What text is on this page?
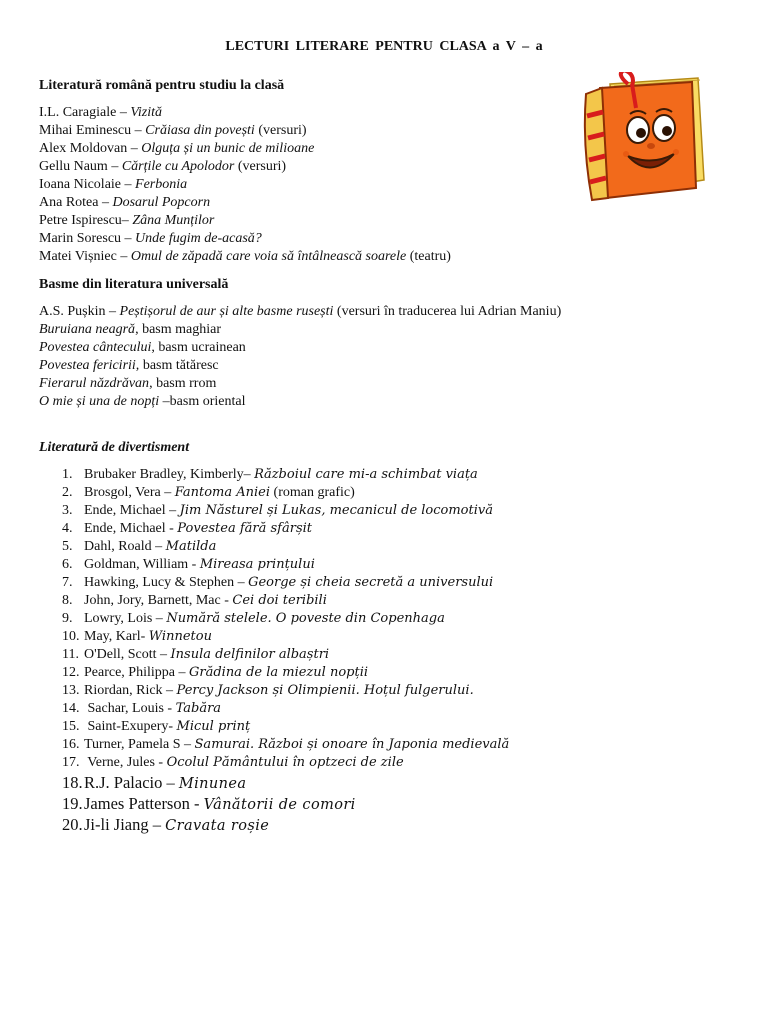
LECTURI LITERARE PENTRU CLASA a V – a
Literatură română pentru studiu la clasă
I.L. Caragiale – Vizită
Mihai Eminescu – Crăiasa din povești (versuri)
Alex Moldovan – Olguța și un bunic de milioane
Gellu Naum – Cărțile cu Apolodor (versuri)
Ioana Nicolaie – Ferbonia
Ana Rotea – Dosarul Popcorn
Petre Ispirescu– Zâna Munților
Marin Sorescu – Unde fugim de-acasă?
Matei Vișniec – Omul de zăpadă care voia să întâlnească soarele (teatru)
Basme din literatura universală
A.S. Pușkin – Peștișorul de aur și alte basme rusești (versuri în traducerea lui Adrian Maniu)
Buruiana neagră, basm maghiar
Povestea cântecului, basm ucrainean
Povestea fericirii, basm tătăresc
Fierarul năzdrăvan, basm rrom
O mie și una de nopți –basm oriental
Literatură de divertisment
1. Brubaker Bradley, Kimberly– Războiul care mi-a schimbat viața
2. Brosgol, Vera – Fantoma Aniei (roman grafic)
3. Ende, Michael – Jim Năsturel și Lukas, mecanicul de locomotivă
4. Ende, Michael - Povestea fără sfârșit
5. Dahl, Roald – Matilda
6. Goldman, William - Mireasa prințului
7. Hawking, Lucy & Stephen – George și cheia secretă a universului
8. John, Jory, Barnett, Mac - Cei doi teribili
9. Lowry, Lois – Numără stelele. O poveste din Copenhaga
10. May, Karl- Winnetou
11. O'Dell, Scott – Insula delfinilor albaștri
12. Pearce, Philippa – Grădina de la miezul nopții
13. Riordan, Rick – Percy Jackson și Olimpienii. Hoțul fulgerului.
14. Sachar, Louis - Tabăra
15. Saint-Exupery- Micul prinț
16. Turner, Pamela S – Samurai. Război și onoare în Japonia medievală
17. Verne, Jules - Ocolul Pământului în optzeci de zile
18.R.J. Palacio – Minunea
19.James Patterson - Vânătorii de comori
20.Ji-li Jiang – Cravata roșie
